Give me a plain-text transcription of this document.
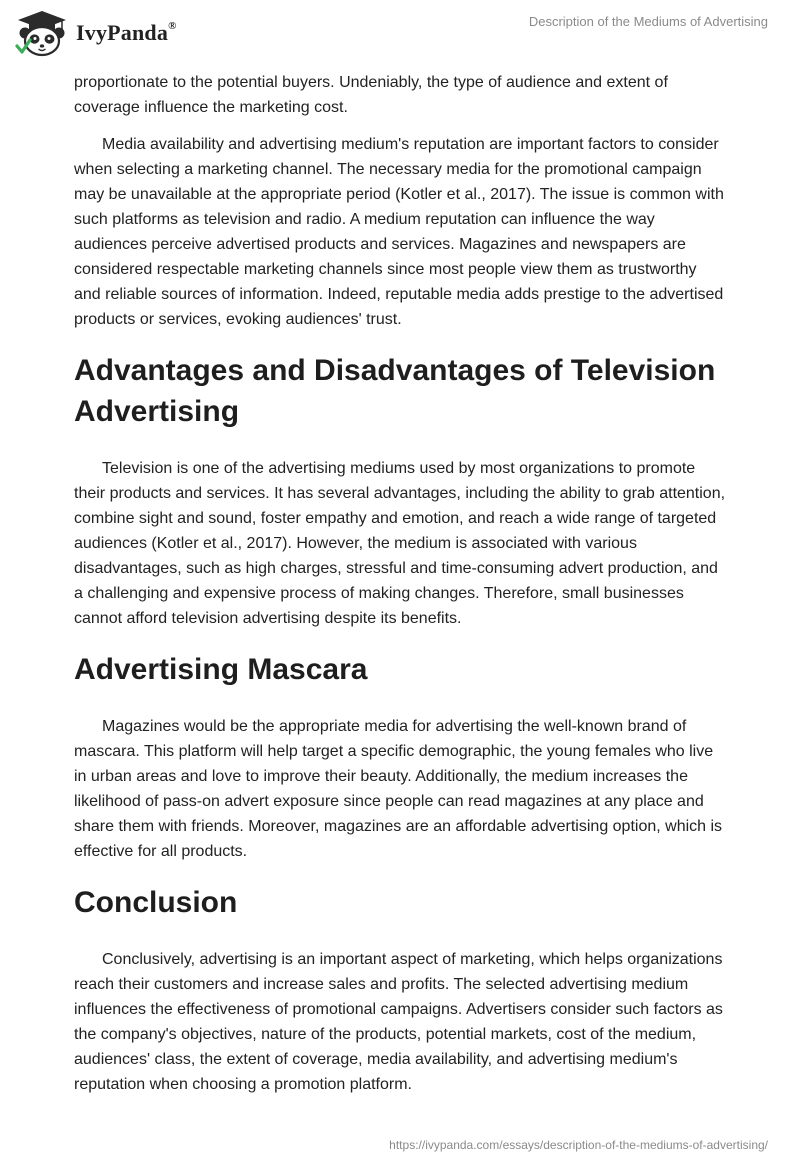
IvyPanda®	Description of the Mediums of Advertising

proportionate to the potential buyers. Undeniably, the type of audience and extent of coverage influence the marketing cost.

Media availability and advertising medium's reputation are important factors to consider when selecting a marketing channel. The necessary media for the promotional campaign may be unavailable at the appropriate period (Kotler et al., 2017). The issue is common with such platforms as television and radio. A medium reputation can influence the way audiences perceive advertised products and services. Magazines and newspapers are considered respectable marketing channels since most people view them as trustworthy and reliable sources of information. Indeed, reputable media adds prestige to the advertised products or services, evoking audiences' trust.

Advantages and Disadvantages of Television Advertising

Television is one of the advertising mediums used by most organizations to promote their products and services. It has several advantages, including the ability to grab attention, combine sight and sound, foster empathy and emotion, and reach a wide range of targeted audiences (Kotler et al., 2017). However, the medium is associated with various disadvantages, such as high charges, stressful and time-consuming advert production, and a challenging and expensive process of making changes. Therefore, small businesses cannot afford television advertising despite its benefits.

Advertising Mascara

Magazines would be the appropriate media for advertising the well-known brand of mascara. This platform will help target a specific demographic, the young females who live in urban areas and love to improve their beauty. Additionally, the medium increases the likelihood of pass-on advert exposure since people can read magazines at any place and share them with friends. Moreover, magazines are an affordable advertising option, which is effective for all products.

Conclusion

Conclusively, advertising is an important aspect of marketing, which helps organizations reach their customers and increase sales and profits. The selected advertising medium influences the effectiveness of promotional campaigns. Advertisers consider such factors as the company's objectives, nature of the products, potential markets, cost of the medium, audiences' class, the extent of coverage, media availability, and advertising medium's reputation when choosing a promotion platform.

https://ivypanda.com/essays/description-of-the-mediums-of-advertising/
